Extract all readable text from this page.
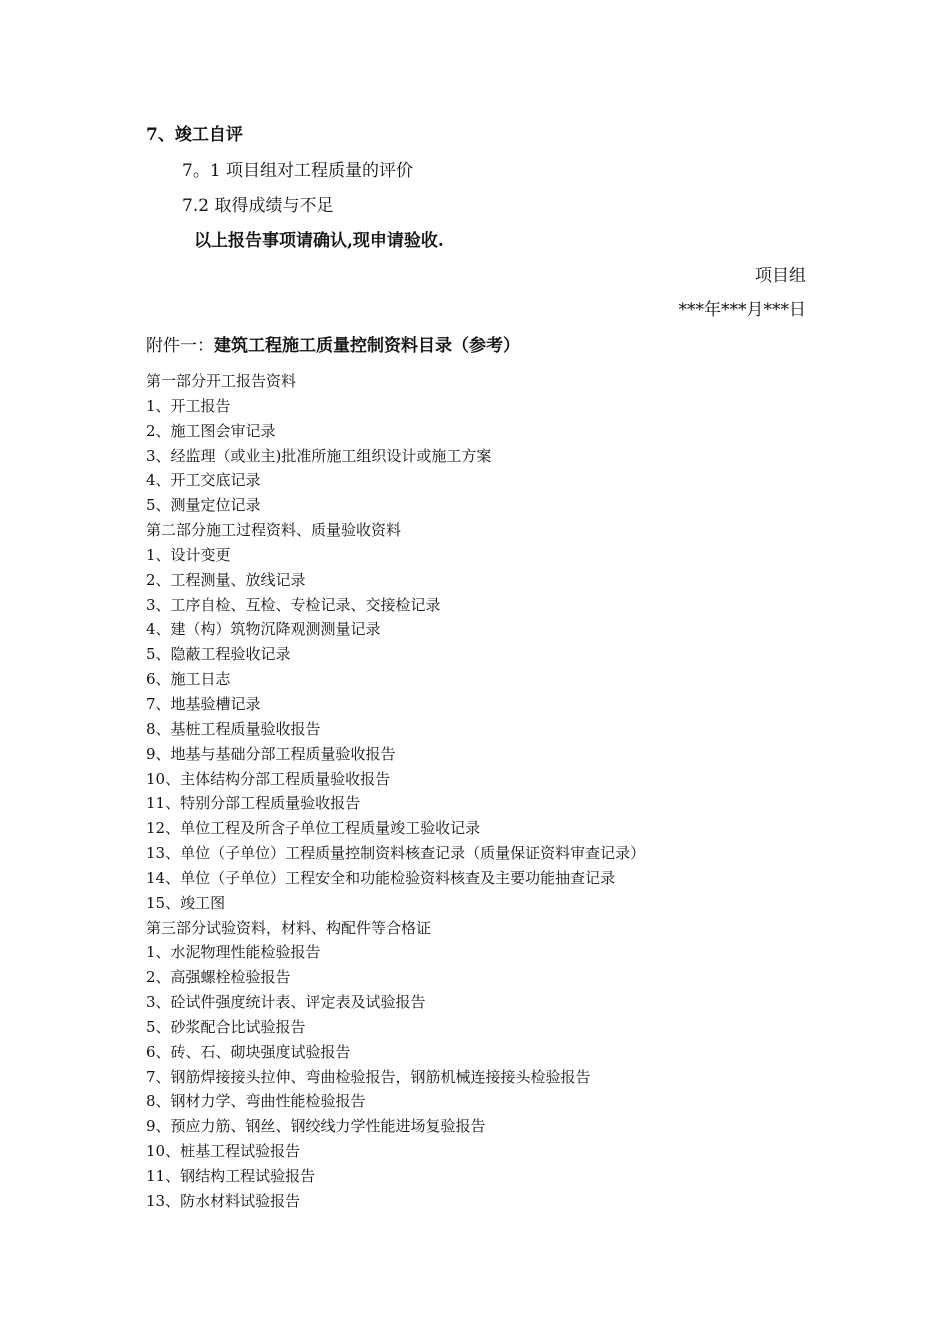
7、竣工自评
7。1 项目组对工程质量的评价
7.2 取得成绩与不足
以上报告事项请确认,现申请验收.
项目组
***年***月***日
附件一：建筑工程施工质量控制资料目录（参考）
第一部分开工报告资料
1、开工报告
2、施工图会审记录
3、经监理（或业主)批准所施工组织设计或施工方案
4、开工交底记录
5、测量定位记录
第二部分施工过程资料、质量验收资料
1、设计变更
2、工程测量、放线记录
3、工序自检、互检、专检记录、交接检记录
4、建（构）筑物沉降观测测量记录
5、隐蔽工程验收记录
6、施工日志
7、地基验槽记录
8、基桩工程质量验收报告
9、地基与基础分部工程质量验收报告
10、主体结构分部工程质量验收报告
11、特别分部工程质量验收报告
12、单位工程及所含子单位工程质量竣工验收记录
13、单位（子单位）工程质量控制资料核查记录（质量保证资料审查记录）
14、单位（子单位）工程安全和功能检验资料核查及主要功能抽查记录
15、竣工图
第三部分试验资料，材料、构配件等合格证
1、水泥物理性能检验报告
2、高强螺栓检验报告
3、砼试件强度统计表、评定表及试验报告
5、砂浆配合比试验报告
6、砖、石、砌块强度试验报告
7、钢筋焊接接头拉伸、弯曲检验报告，钢筋机械连接接头检验报告
8、钢材力学、弯曲性能检验报告
9、预应力筋、钢丝、钢绞线力学性能进场复验报告
10、桩基工程试验报告
11、钢结构工程试验报告
13、防水材料试验报告
